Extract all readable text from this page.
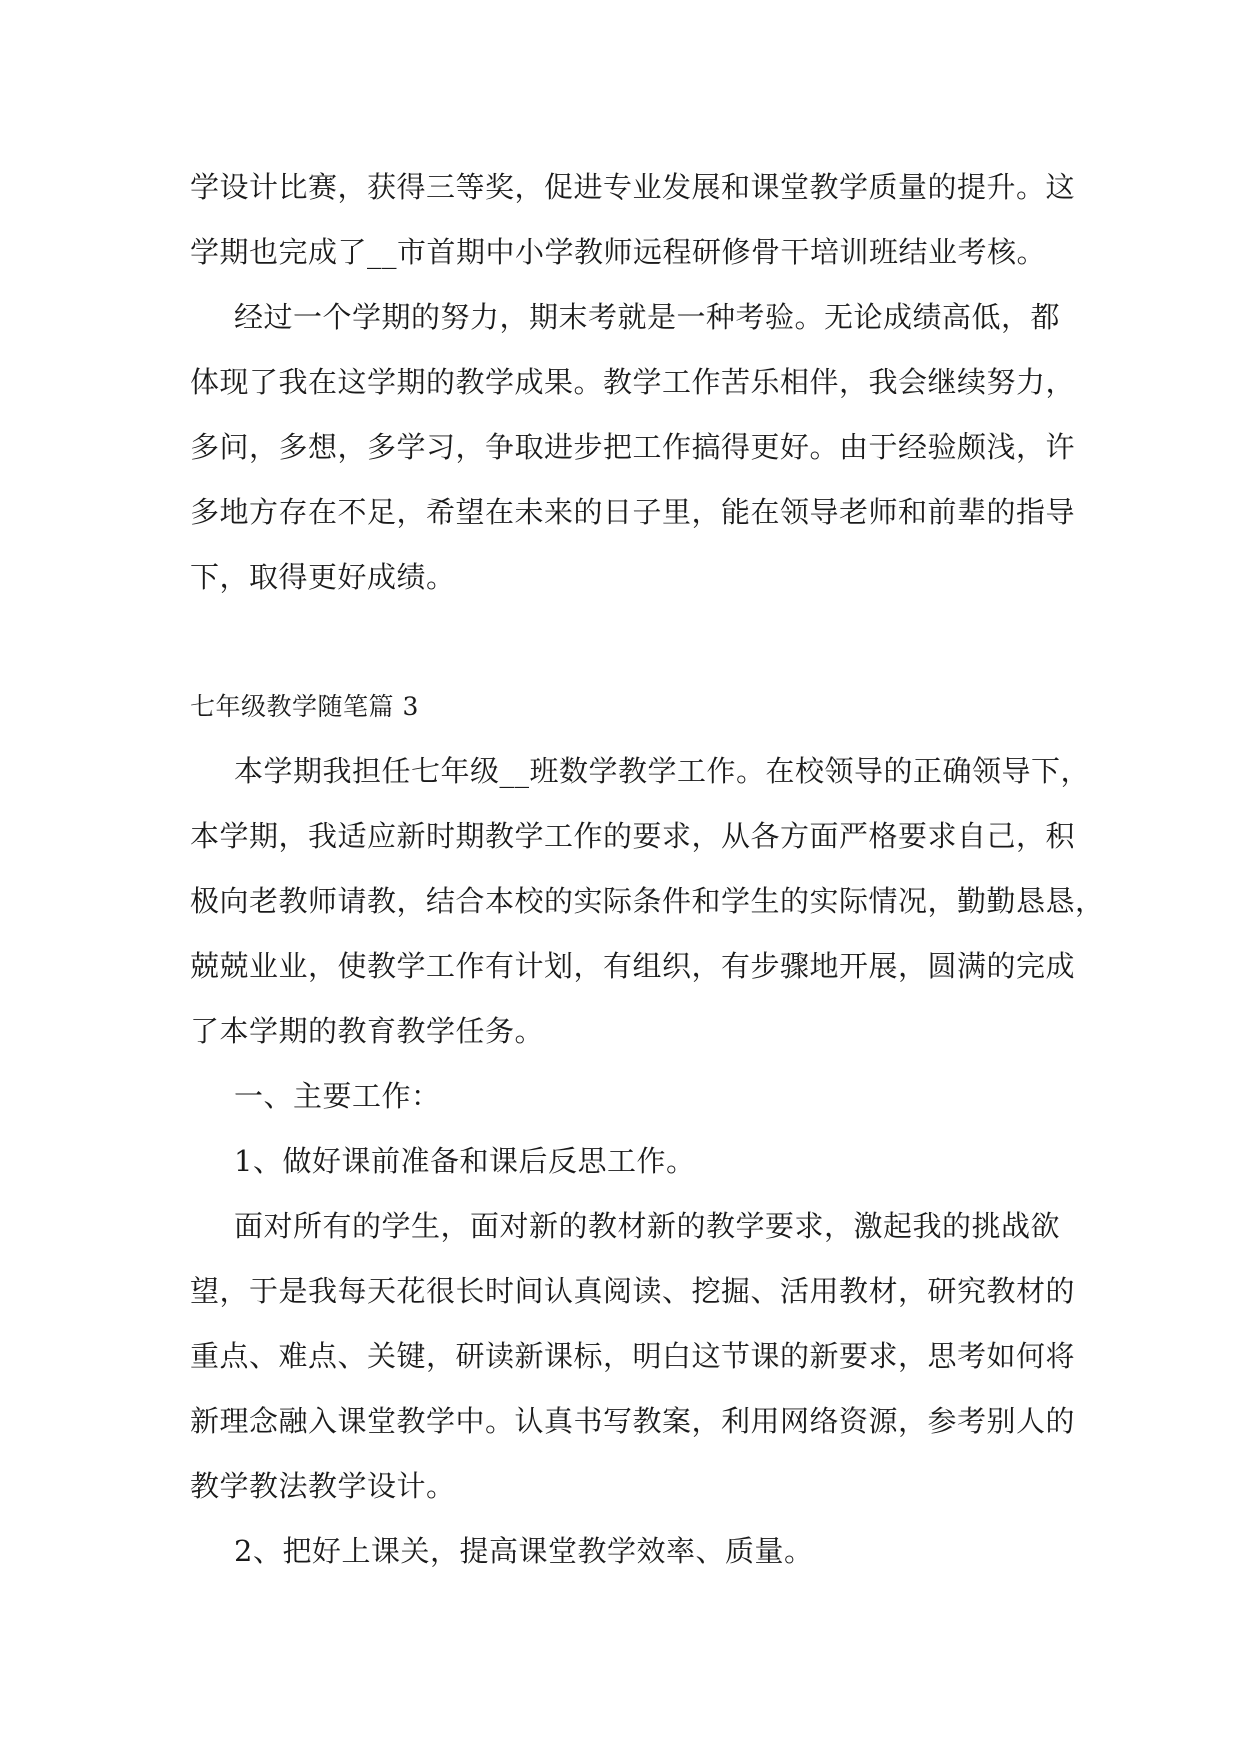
学设计比赛，获得三等奖，促进专业发展和课堂教学质量的提升。这
学期也完成了__市首期中小学教师远程研修骨干培训班结业考核。
经过一个学期的努力，期末考就是一种考验。无论成绩高低，都
体现了我在这学期的教学成果。教学工作苦乐相伴，我会继续努力，
多问，多想，多学习，争取进步把工作搞得更好。由于经验颇浅，许
多地方存在不足，希望在未来的日子里，能在领导老师和前辈的指导
下，取得更好成绩。
七年级教学随笔篇 3
本学期我担任七年级__班数学教学工作。在校领导的正确领导下，
本学期，我适应新时期教学工作的要求，从各方面严格要求自己，积
极向老教师请教，结合本校的实际条件和学生的实际情况，勤勤恳恳，
兢兢业业，使教学工作有计划，有组织，有步骤地开展，圆满的完成
了本学期的教育教学任务。
一、主要工作：
1、做好课前准备和课后反思工作。
面对所有的学生，面对新的教材新的教学要求，激起我的挑战欲
望，于是我每天花很长时间认真阅读、挖掘、活用教材，研究教材的
重点、难点、关键，研读新课标，明白这节课的新要求，思考如何将
新理念融入课堂教学中。认真书写教案，利用网络资源，参考别人的
教学教法教学设计。
2、把好上课关，提高课堂教学效率、质量。
